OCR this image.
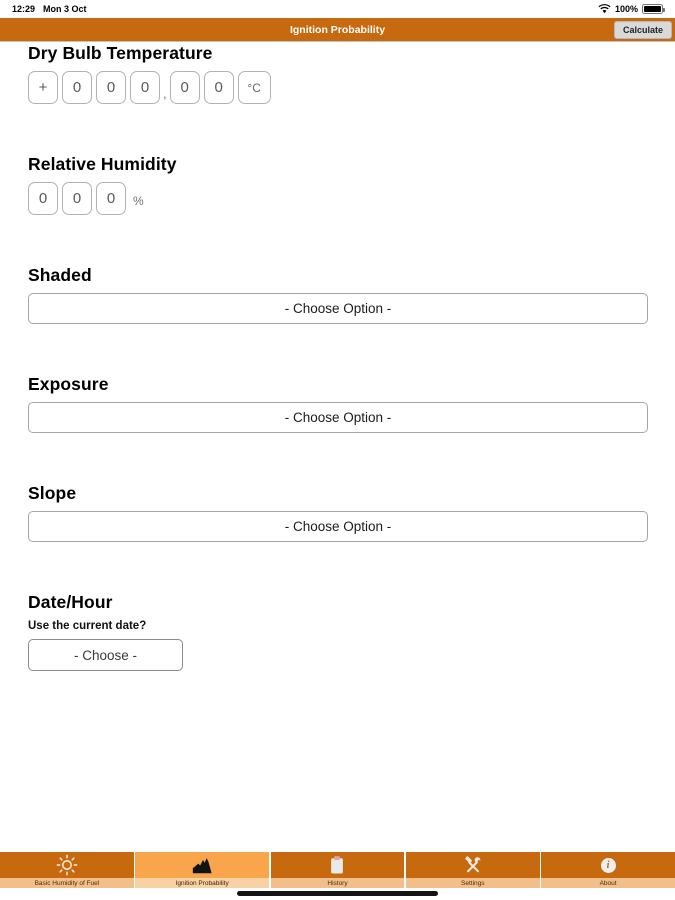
12:29 Mon 3 Oct	100%
Ignition Probability	Calculate
Dry Bulb Temperature
+	0	0	0	, 0	0	°C
Relative Humidity
0	0	0	%
Shaded
- Choose Option -
Exposure
- Choose Option -
Slope
- Choose Option -
Date/Hour
Use the current date?
- Choose -
Basic Humidity of Fuel	Ignition Probability	History	Settings
i
About
